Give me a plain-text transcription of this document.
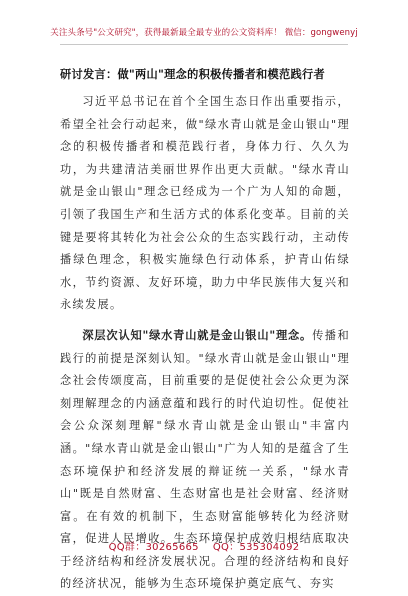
关注头条号"公文研究"，获得最新最全最专业的公文资料库！ 微信：gongwenyj
研讨发言：做"两山"理念的积极传播者和模范践行者

习近平总书记在首个全国生态日作出重要指示，希望全社会行动起来，做"绿水青山就是金山银山"理念的积极传播者和模范践行者，身体力行、久久为功，为共建清洁美丽世界作出更大贡献。"绿水青山就是金山银山"理念已经成为一个广为人知的命题，引领了我国生产和生活方式的体系化变革。目前的关键是要将其转化为社会公众的生态实践行动，主动传播绿色理念，积极实施绿色行动体系，护青山佑绿水，节约资源、友好环境，助力中华民族伟大复兴和永续发展。

深层次认知"绿水青山就是金山银山"理念。传播和践行的前提是深刻认知。"绿水青山就是金山银山"理念社会传颂度高，目前重要的是促使社会公众更为深刻理解理念的内涵意蕴和践行的时代迫切性。促使社会公众深刻理解"绿水青山就是金山银山"丰富内涵。"绿水青山就是金山银山"广为人知的是蕴含了生态环境保护和经济发展的辩证统一关系，"绿水青山"既是自然财富、生态财富也是社会财富、经济财富。在有效的机制下，生态财富能够转化为经济财富，促进人民增收。生态环境保护成效归根结底取决于经济结构和经济发展状况。合理的经济结构和良好的经济状况，能够为生态环境保护奠定底气、夯实

QQ群：30265665 QQ：535304092
